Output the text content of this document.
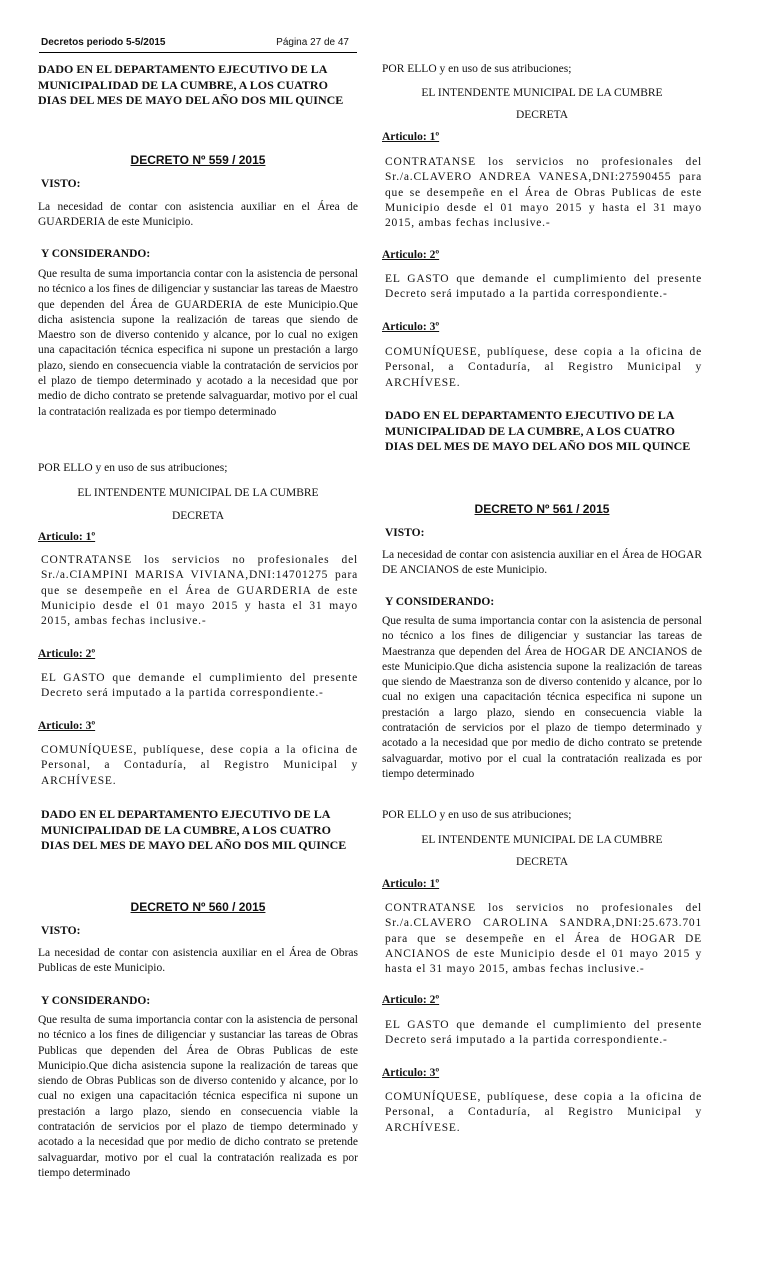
Decretos periodo 5-5/2015	Página 27 de 47
DADO EN EL DEPARTAMENTO EJECUTIVO DE LA MUNICIPALIDAD DE LA CUMBRE, A LOS CUATRO DIAS DEL MES DE MAYO DEL AÑO DOS MIL QUINCE
DECRETO Nº 559 / 2015
VISTO:
La necesidad de contar con asistencia auxiliar en el Área de GUARDERIA de este Municipio.
Y CONSIDERANDO:
Que resulta de suma importancia contar con la asistencia de personal no técnico a los fines de diligenciar y sustanciar las tareas de Maestro que dependen del Área de GUARDERIA de este Municipio.Que dicha asistencia supone la realización de tareas que siendo de Maestro son de diverso contenido y alcance, por lo cual no exigen una capacitación técnica especifica ni supone un prestación a largo plazo, siendo en consecuencia viable la contratación de servicios por el plazo de tiempo determinado y acotado a la necesidad que por medio de dicho contrato se pretende salvaguardar, motivo por el cual la contratación realizada es por tiempo determinado
POR ELLO y en uso de sus atribuciones;
EL INTENDENTE MUNICIPAL DE LA CUMBRE
DECRETA
Articulo: 1º
CONTRATANSE los servicios no profesionales del Sr./a.CIAMPINI MARISA VIVIANA,DNI:14701275 para que se desempeñe en el Área de GUARDERIA de este Municipio desde el 01 mayo 2015 y hasta el 31 mayo 2015, ambas fechas inclusive.-
Articulo: 2º
EL GASTO que demande el cumplimiento del presente Decreto será imputado a la partida correspondiente.-
Articulo: 3º
COMUNÍQUESE, publíquese, dese copia a la oficina de Personal, a Contaduría, al Registro Municipal y ARCHÍVESE.
DADO EN EL DEPARTAMENTO EJECUTIVO DE LA MUNICIPALIDAD DE LA CUMBRE, A LOS CUATRO DIAS DEL MES DE MAYO DEL AÑO DOS MIL QUINCE
DECRETO Nº 560 / 2015
VISTO:
La necesidad de contar con asistencia auxiliar en el Área de Obras Publicas de este Municipio.
Y CONSIDERANDO:
Que resulta de suma importancia contar con la asistencia de personal no técnico a los fines de diligenciar y sustanciar las tareas de Obras Publicas que dependen del Área de Obras Publicas de este Municipio.Que dicha asistencia supone la realización de tareas que siendo de Obras Publicas son de diverso contenido y alcance, por lo cual no exigen una capacitación técnica especifica ni supone un prestación a largo plazo, siendo en consecuencia viable la contratación de servicios por el plazo de tiempo determinado y acotado a la necesidad que por medio de dicho contrato se pretende salvaguardar, motivo por el cual la contratación realizada es por tiempo determinado
POR ELLO y en uso de sus atribuciones;
EL INTENDENTE MUNICIPAL DE LA CUMBRE
DECRETA
Articulo: 1º
CONTRATANSE los servicios no profesionales del Sr./a.CLAVERO ANDREA VANESA,DNI:27590455 para que se desempeñe en el Área de Obras Publicas de este Municipio desde el 01 mayo 2015 y hasta el 31 mayo 2015, ambas fechas inclusive.-
Articulo: 2º
EL GASTO que demande el cumplimiento del presente Decreto será imputado a la partida correspondiente.-
Articulo: 3º
COMUNÍQUESE, publíquese, dese copia a la oficina de Personal, a Contaduría, al Registro Municipal y ARCHÍVESE.
DADO EN EL DEPARTAMENTO EJECUTIVO DE LA MUNICIPALIDAD DE LA CUMBRE, A LOS CUATRO DIAS DEL MES DE MAYO DEL AÑO DOS MIL QUINCE
DECRETO Nº 561 / 2015
VISTO:
La necesidad de contar con asistencia auxiliar en el Área de HOGAR DE ANCIANOS de este Municipio.
Y CONSIDERANDO:
Que resulta de suma importancia contar con la asistencia de personal no técnico a los fines de diligenciar y sustanciar las tareas de Maestranza que dependen del Área de HOGAR DE ANCIANOS de este Municipio.Que dicha asistencia supone la realización de tareas que siendo de Maestranza son de diverso contenido y alcance, por lo cual no exigen una capacitación técnica especifica ni supone un prestación a largo plazo, siendo en consecuencia viable la contratación de servicios por el plazo de tiempo determinado y acotado a la necesidad que por medio de dicho contrato se pretende salvaguardar, motivo por el cual la contratación realizada es por tiempo determinado
POR ELLO y en uso de sus atribuciones;
EL INTENDENTE MUNICIPAL DE LA CUMBRE
DECRETA
Articulo: 1º
CONTRATANSE los servicios no profesionales del Sr./a.CLAVERO CAROLINA SANDRA,DNI:25.673.701 para que se desempeñe en el Área de HOGAR DE ANCIANOS de este Municipio desde el 01 mayo 2015 y hasta el 31 mayo 2015, ambas fechas inclusive.-
Articulo: 2º
EL GASTO que demande el cumplimiento del presente Decreto será imputado a la partida correspondiente.-
Articulo: 3º
COMUNÍQUESE, publíquese, dese copia a la oficina de Personal, a Contaduría, al Registro Municipal y ARCHÍVESE.
